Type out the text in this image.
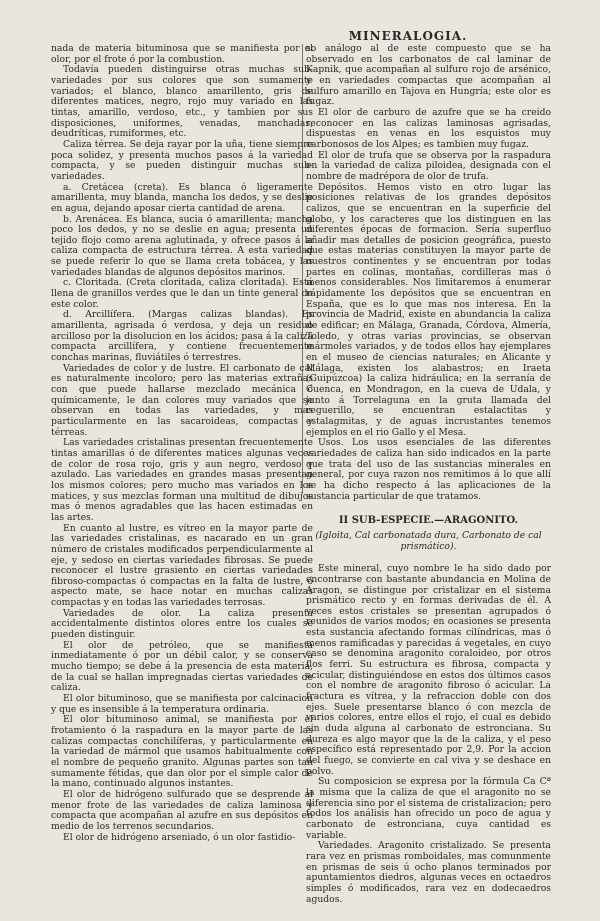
MINERALOGIA.

nada de materia bituminosa que se manifiesta por el olor, por el frote ó por la combustion.

Todavía pueden distinguirse otras muchas sub-variedades por sus colores que son sumamente variados; el blanco, blanco amarillento, gris de diferentes matices, negro, rojo muy variado en las tintas, amarillo, verdoso, etc., y tambien por sus disposiciones, uniformes, venadas, manchadas, deudríticas, rumiformes, etc.

Caliza térrea. Se deja rayar por la uña, tiene siempre poca solidez, y presenta muchos pasos á la variedad compacta, y se pueden distinguir muchas sub-variedades.

a. Cretácea (creta). Es blanca ó ligeramente amarillenta, muy blanda, mancha los dedos, y se deslie en agua, dejando aposar cierta cantidad de arena.

b. Arenácea. Es blanca, sucia ó amarillenta; mancha poco los dedos, y no se deslie en agua; presenta un tejido flojo como arena aglutinada, y ofrece pasos á la caliza compacta de estructura térrea. A esta variedad se puede referir lo que se llama creta tobácea, y las variedades blandas de algunos depósitos marinos.

c. Cloritada. (Creta cloritada, caliza cloritada). Está llena de granillos verdes que le dan un tinte general de este color.

d. Arcillífera. (Margas calizas blandas). Es amarillenta, agrisada ó verdosa, y deja un residuo arcilloso por la disolucion en los ácidos; pasa á la caliza compacta arcillífera, y contiene frecuentemente conchas marinas, fluviátiles ó terrestres.

Variedades de color y de lustre. El carbonato de cal es naturalmente incoloro; pero las materias extrañas con que puede hallarse mezclado mecánica ó químicamente, le dan colores muy variados que se observan en todas las variedades, y mas particularmente en las sacaroideas, compactas y térreas.

Las variedades cristalinas presentan frecuentemente tintas amarillas ó de diferentes matices algunas veces de color de rosa rojo, gris y aun negro, verdoso y azulado. Las variedades en grandes masas presentan los mismos colores; pero mucho mas variados en los matices, y sus mezclas forman una multitud de dibujos mas ó menos agradables que las hacen estimadas en las artes.

En cuanto al lustre, es vítreo en la mayor parte de las variedades cristalinas, es nacarado en un gran número de cristales modificados perpendicularmente al eje, y sedoso en ciertas variedades fibrosas. Se puede reconocer el lustre grasiento en ciertas variedades fibroso-compactas ó compactas en la falta de lustre, ó aspecto mate, se hace notar en muchas calizas compactas y en todas las variedades terrosas.

Variedades de olor. La caliza presenta accidentalmente distintos olores entre los cuales se pueden distinguir.

El olor de petróleo, que se manifiesta inmediatamente ó por un débil calor, y se conserva mucho tiempo; se debe á la presencia de esta materia, de la cual se hallan impregnadas ciertas variedades de caliza.

El olor bituminoso, que se manifiesta por calcinacion y que es insensible á la temperatura ordinaria.

El olor bituminoso animal, se manifiesta por el frotamiento ó la raspadura en la mayor parte de las calizas compactas conchilíferas, y particularmente en la variedad de mármol que usamos habitualmente con el nombre de pequeño granito. Algunas partes son tan sumamente fétidas, que dan olor por el simple calor de la mano, continuado algunos instantes.

El olor de hidrógeno sulfurado que se desprende al menor frote de las variedades de caliza laminosa y compacta que acompañan al azufre en sus depósitos en medio de los terrenos secundarios.

El olor de hidrógeno arseniado, ó un olor fastidio-

so análogo al de este compuesto que se ha observado en los carbonatos de cal laminar de Kapnik, que acompañan al sulfuro rojo de arsénico, y en variedades compactas que acompañan al sulfuro amarillo en Tajova en Hungría; este olor es fugaz.

El olor de carburo de azufre que se ha creido reconocer en las calizas laminosas agrisadas, dispuestas en venas en los esquistos muy carbonosos de los Alpes; es tambien muy fugaz.

El olor de trufa que se observa por la raspadura en la variedad de caliza piloidea, designada con el nombre de madrépora de olor de trufa.

Depósitos. Hemos visto en otro lugar las posiciones relativas de los grandes depósitos calizos, que se encuentran en la superficie del globo, y los caracteres que los distinguen en las diferentes épocas de formacion. Sería superfluo añadir mas detalles de posicion geográfica, puesto que estas materias constituyen la mayor parte de nuestros continentes y se encuentran por todas partes en colinas, montañas, cordilleras mas ó menos considerables. Nos limitaremos á enumerar rápidamente los depósitos que se encuentran en España, que es lo que mas nos interesa. En la provincia de Madrid, existe en abundancia la caliza de edificar; en Málaga, Granada, Córdova, Almería, Toledo, y otras varias provincias, se observan mármoles variados, y de todos ellos hay ejemplares en el museo de ciencias naturales; en Alicante y Málaga, existen los alabastros; en Iraeta (Guipúzcoa) la caliza hidráulica; en la serranía de Cuenca, en Mondragon, en la cueva de Udala, y junto á Torrelaguna en la gruta llamada del reguerillo, se encuentran estalactitas y estalagmitas, y de aguas incrustantes tenemos ejemplos en el rio Gallo y el Mesa.

Usos. Los usos esenciales de las diferentes variedades de caliza han sido indicados en la parte que trata del uso de las sustancias minerales en general, por cuya razon nos remitimos á lo que allí se ha dicho respecto á las aplicaciones de la sustancia particular de que tratamos.

II SUB-ESPECIE.—ARAGONITO.

(Igloita, Cal carbonatada dura, Carbonato de cal prismático).

Este mineral, cuyo nombre le ha sido dado por encontrarse con bastante abundancia en Molina de Aragon, se distingue por cristalizar en el sistema prismático recto y en formas derivadas de él. A veces estos cristales se presentan agrupados ó reunidos de varios modos; en ocasiones se presenta esta sustancia afectando formas cilíndricas, mas ó menos ramificadas y parecidas á vegetales, en cuyo caso se denomina aragonito coraloideo, por otros flos ferri. Su estructura es fibrosa, compacta y acicular, distinguiéndose en estos dos últimos casos con el nombre de aragonito fibroso ó acicular. La fractura es vítrea, y la refraccion doble con dos ejes. Suele presentarse blanco ó con mezcla de varios colores, entre ellos el rojo, el cual es debido sin duda alguna al carbonato de estronciana. Su dureza es algo mayor que la de la caliza, y el peso específico está representado por 2,9. Por la accion del fuego, se convierte en cal viva y se deshace en polvo.

Su composicion se expresa por la fórmula Ca Cª la misma que la caliza de que el aragonito no se diferencia sino por el sistema de cristalizacion; pero todos los análisis han ofrecido un poco de agua y carbonato de estronciana, cuya cantidad es variable.

Variedades. Aragonito cristalizado. Se presenta rara vez en prismas romboidales, mas comunmente en prismas de seis ú ocho planos terminados por apuntamientos diedros, algunas veces en octaedros simples ó modificados, rara vez en dodecaedros agudos.
